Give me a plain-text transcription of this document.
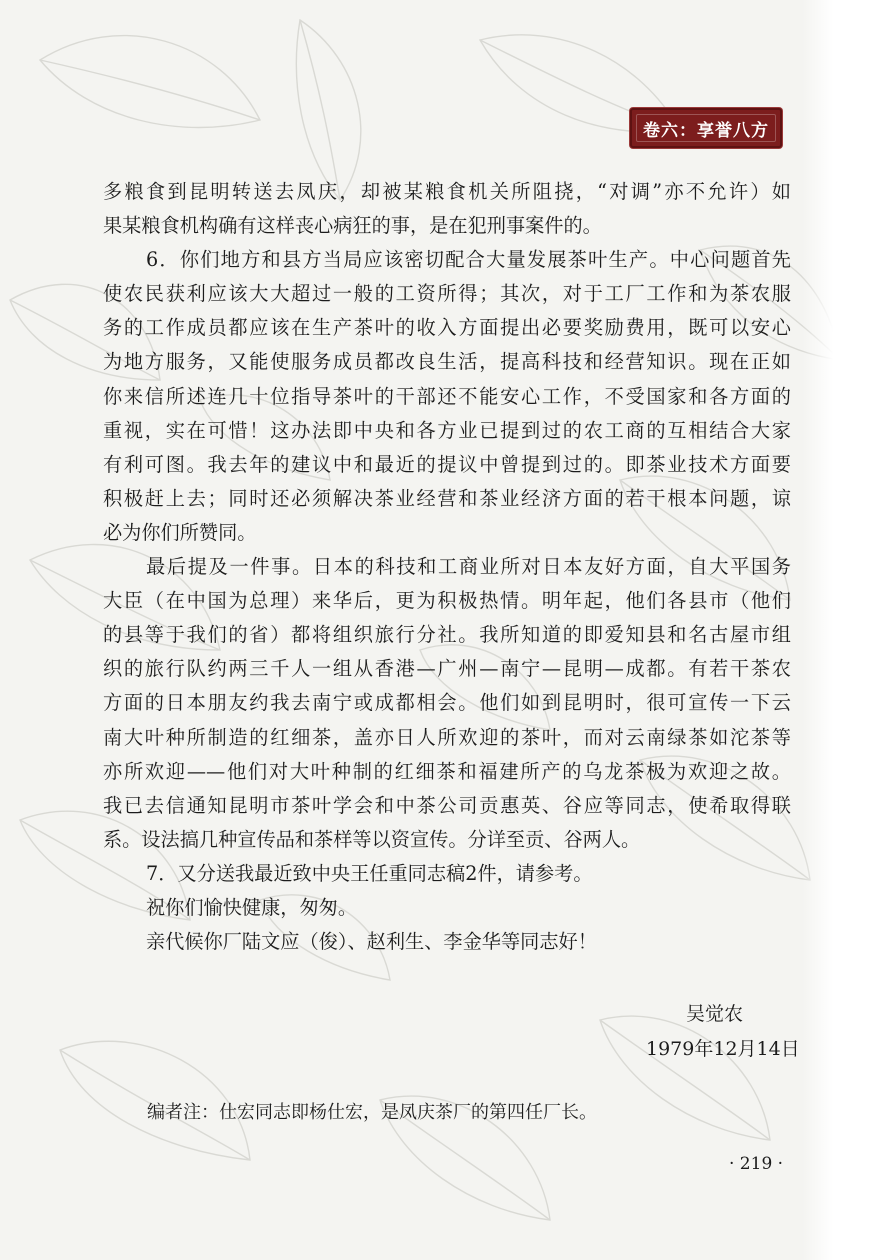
卷六：享誉八方
多粮食到昆明转送去凤庆，却被某粮食机关所阻挠，“对调”亦不允许）如
果某粮食机构确有这样丧心病狂的事，是在犯刑事案件的。
6．你们地方和县方当局应该密切配合大量发展茶叶生产。中心问题首先
使农民获利应该大大超过一般的工资所得；其次，对于工厂工作和为茶农服
务的工作成员都应该在生产茶叶的收入方面提出必要奖励费用，既可以安心
为地方服务，又能使服务成员都改良生活，提高科技和经营知识。现在正如
你来信所述连几十位指导茶叶的干部还不能安心工作，不受国家和各方面的
重视，实在可惜！这办法即中央和各方业已提到过的农工商的互相结合大家
有利可图。我去年的建议中和最近的提议中曾提到过的。即茶业技术方面要
积极赶上去；同时还必须解决茶业经营和茶业经济方面的若干根本问题，谅
必为你们所赞同。
最后提及一件事。日本的科技和工商业所对日本友好方面，自大平国务
大臣（在中国为总理）来华后，更为积极热情。明年起，他们各县市（他们
的县等于我们的省）都将组织旅行分社。我所知道的即爱知县和名古屋市组
织的旅行队约两三千人一组从香港—广州—南宁—昆明—成都。有若干茶农
方面的日本朋友约我去南宁或成都相会。他们如到昆明时，很可宣传一下云
南大叶种所制造的红细茶，盖亦日人所欢迎的茶叶，而对云南绿茶如沱茶等
亦所欢迎——他们对大叶种制的红细茶和福建所产的乌龙茶极为欢迎之故。
我已去信通知昆明市茶叶学会和中茶公司贡惠英、谷应等同志，使希取得联
系。设法搞几种宣传品和茶样等以资宣传。分详至贡、谷两人。
7．又分送我最近致中央王任重同志稿2件，请参考。
祝你们愉快健康，匆匆。
亲代候你厂陆文应（俊）、赵利生、李金华等同志好！
吴觉农
1979年12月14日
编者注：仕宏同志即杨仕宏，是凤庆茶厂的第四任厂长。
· 219 ·
